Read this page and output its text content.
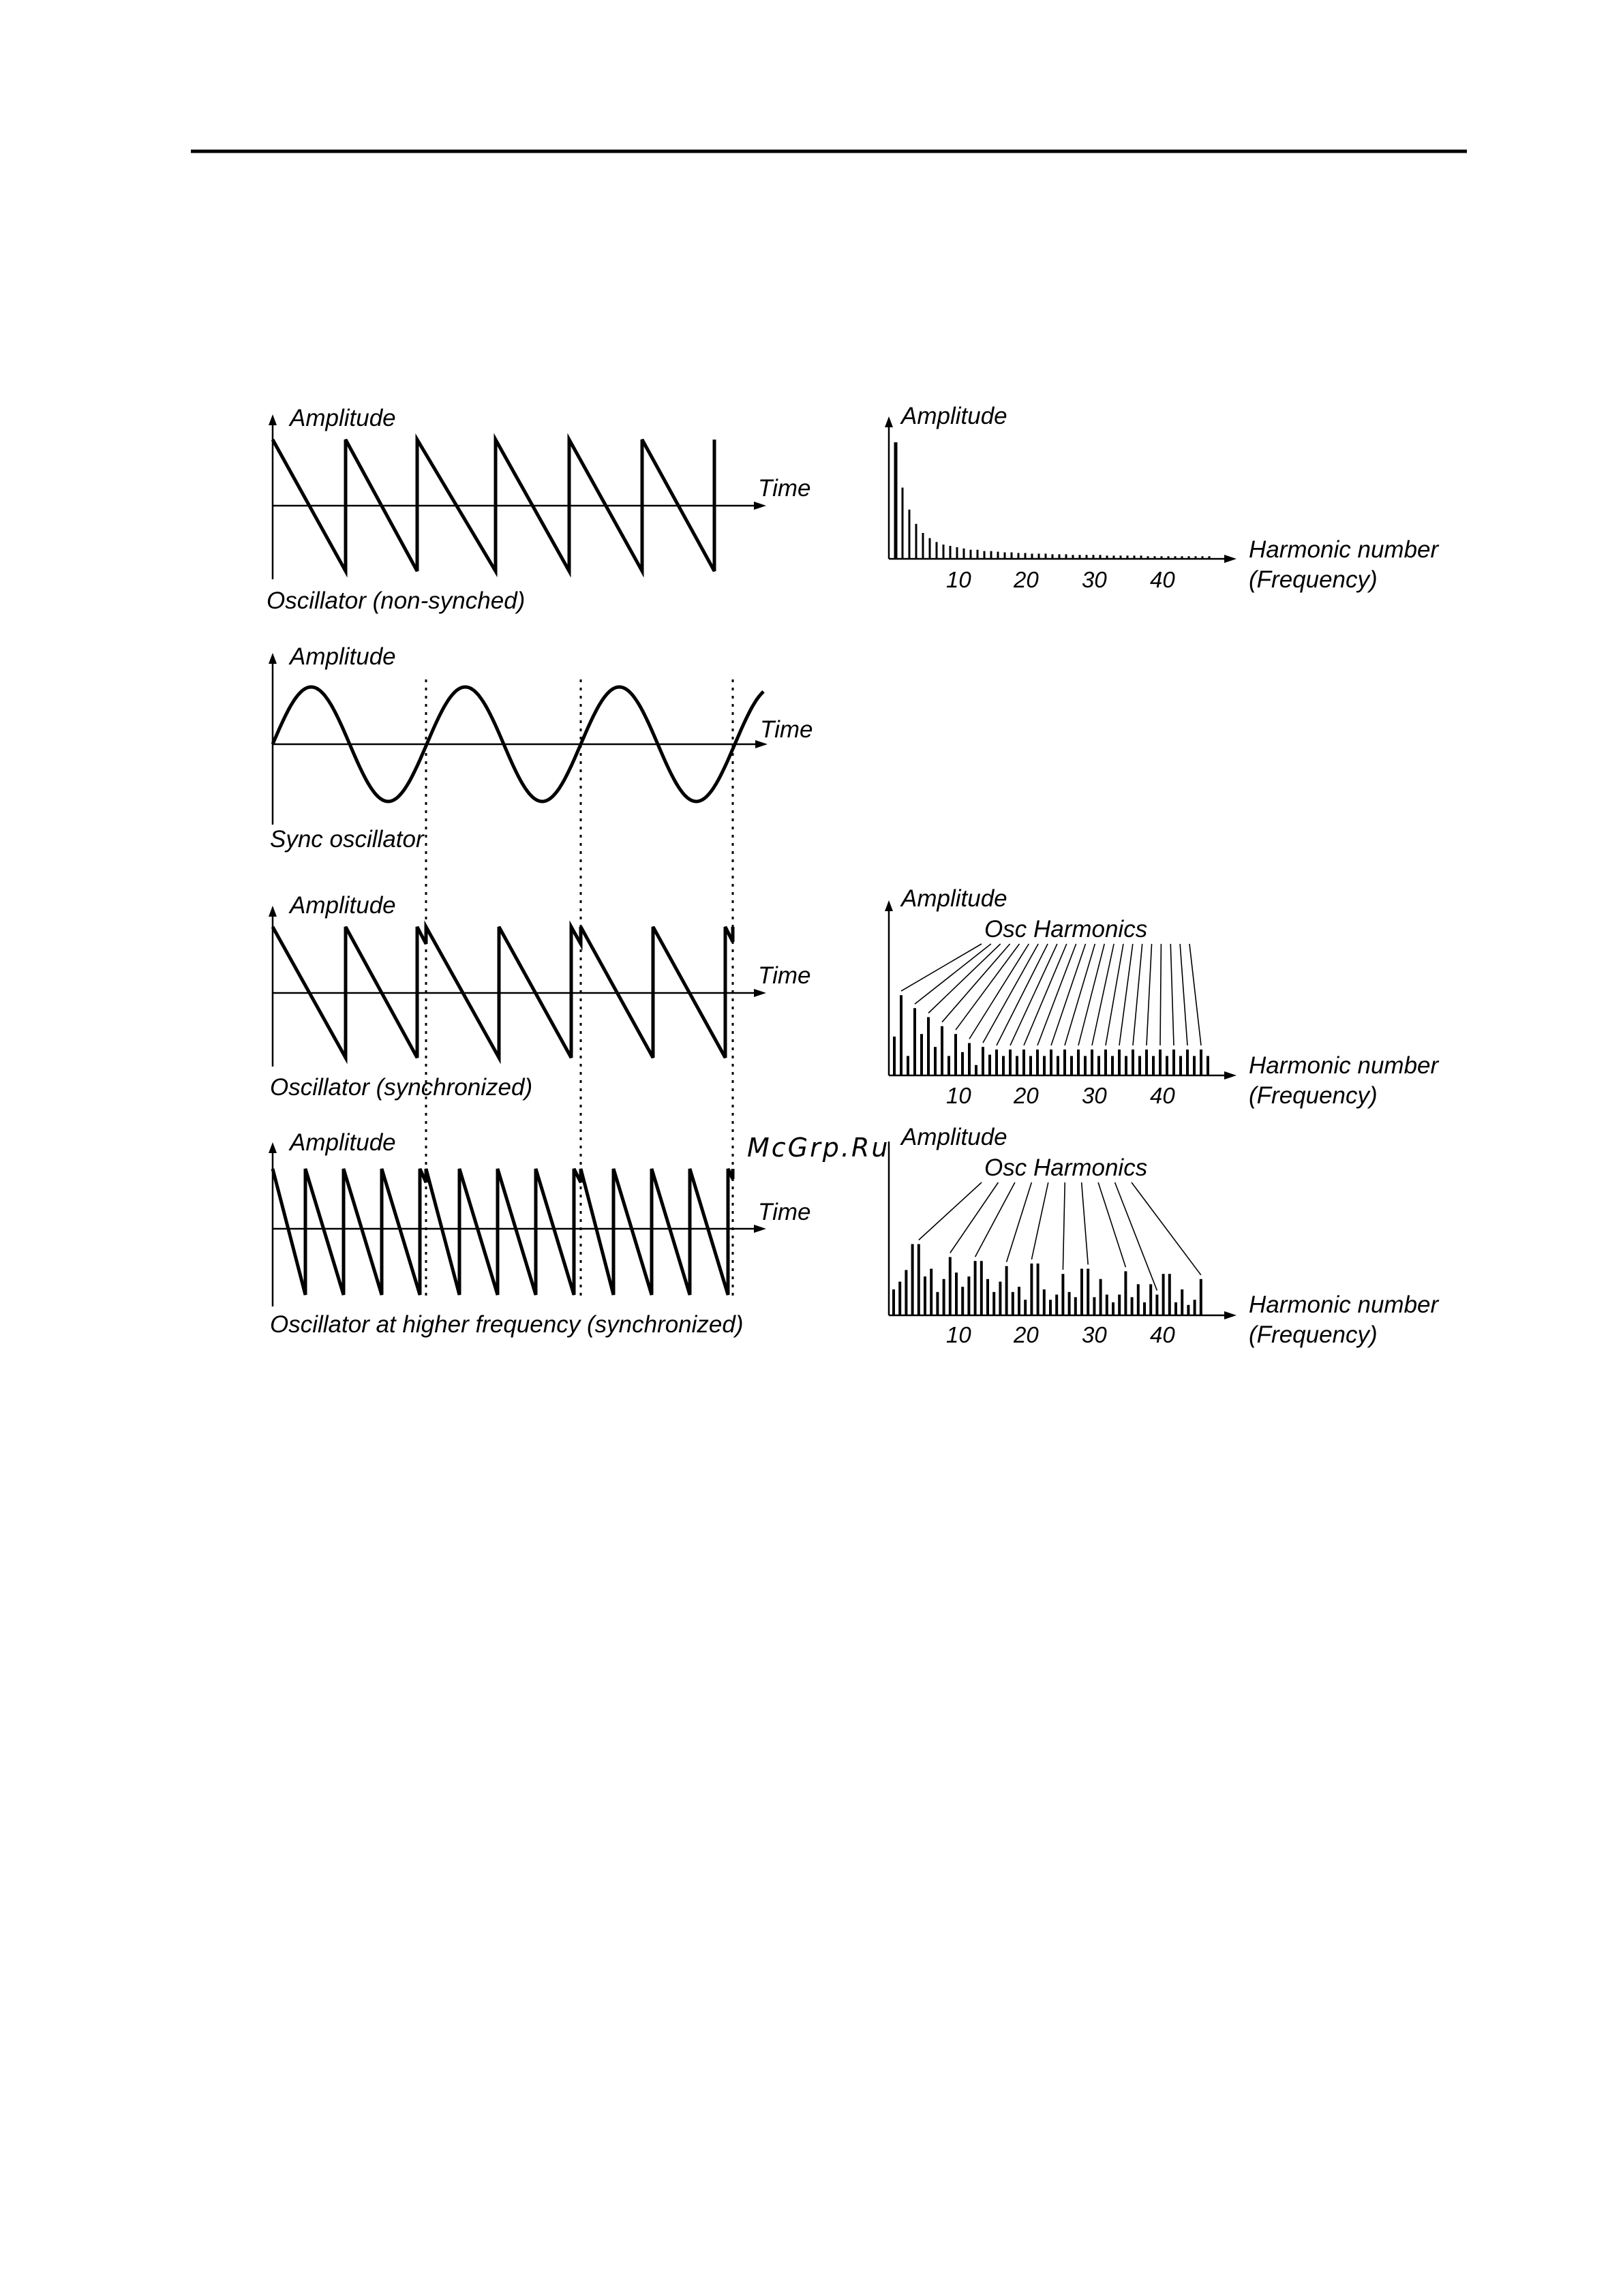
Amplitude
Time
Oscillator (non-synched)
Amplitude
Time
Sync oscillator
Amplitude
Time
Oscillator (synchronized)
Amplitude
Time
Oscillator at higher frequency (synchronized)
Amplitude
Harmonic number
(Frequency)
10 20 30 40
Amplitude
Osc Harmonics
Harmonic number
(Frequency)
10 20 30 40
Amplitude
Osc Harmonics
Harmonic number
(Frequency)
10 20 30 40
McGrp.Ru
